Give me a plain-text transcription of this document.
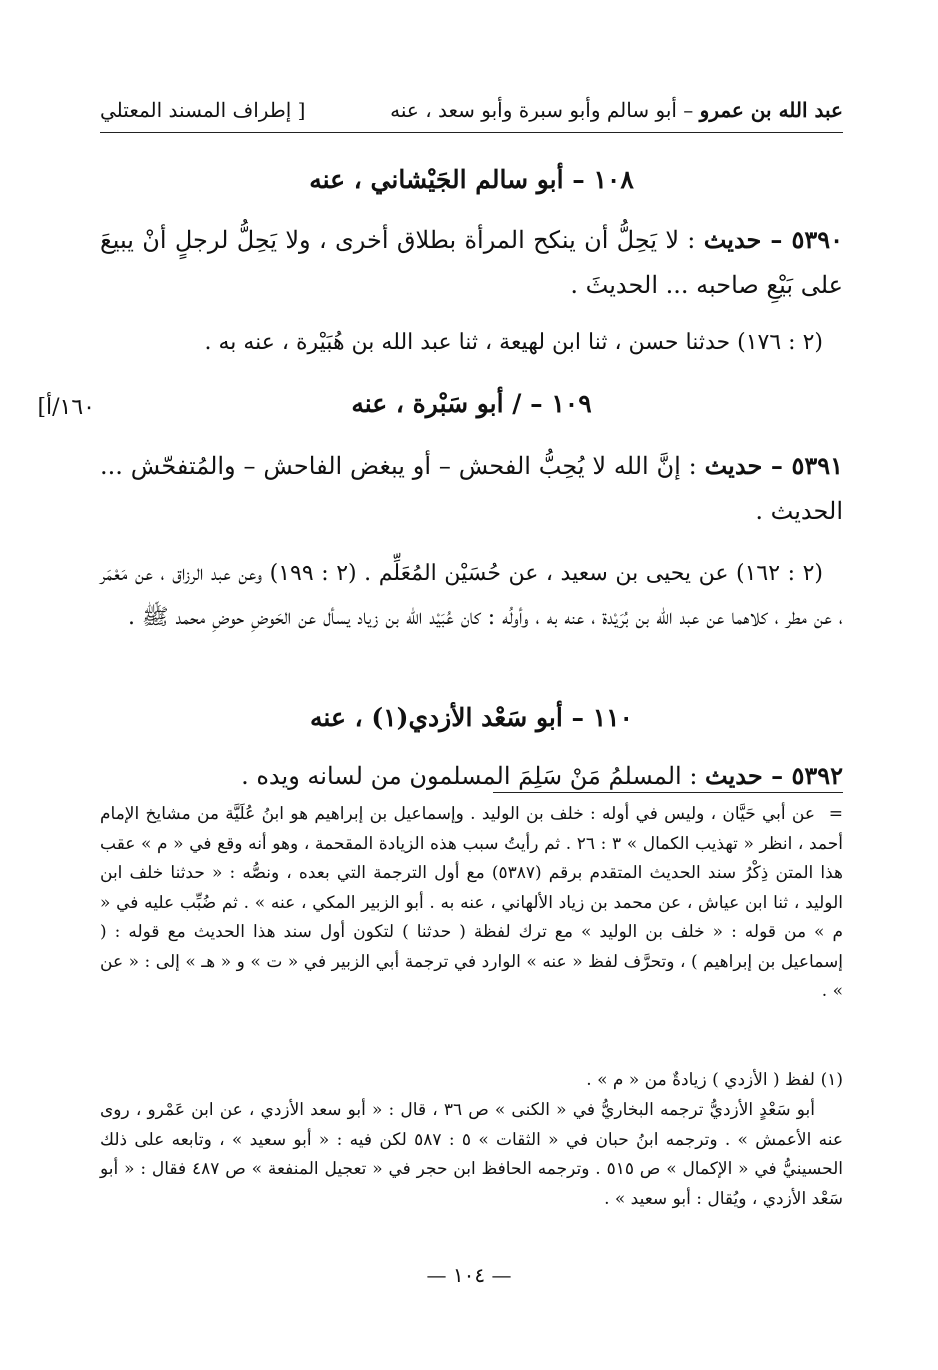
عبد الله بن عمرو – أبو سالم وأبو سبرة وأبو سعد ، عنه
[ إطراف المسند المعتلي
١٠٨ – أبو سالم الجَيْشاني ، عنه
٥٣٩٠ – حديث : لا يَحِلُّ أن ينكح المرأة بطلاق أخرى ، ولا يَحِلُّ لرجلٍ أنْ يبيعَ على بَيْعِ صاحبه ... الحديثَ .
(٢ : ١٧٦) حدثنا حسن ، ثنا ابن لهيعة ، ثنا عبد الله بن هُبَيْرة ، عنه به .
١٠٩ – / أبو سَبْرة ، عنه
١٦٠/أ]
٥٣٩١ – حديث : إنَّ الله لا يُحِبُّ الفحش – أو يبغض الفاحش – والمُتفحّش ... الحديث .
(٢ : ١٦٢) عن يحيى بن سعيد ، عن حُسَيْن المُعَلِّم . (٢ : ١٩٩) وعن عبد الرزاق ، عن مَعْمَر ، عن مطر ، كلاهما عن عبد الله بن بُرَيْدة ، عنه به ، وأولُه : كان عُبَيْد الله بن زياد يسأل عن الحَوضِ حوضِ محمد ﷺ .
١١٠ – أبو سَعْد الأزدي(١) ، عنه
٥٣٩٢ – حديث : المسلمُ مَنْ سَلِمَ المسلمون من لسانه ويده .
=عن أبي حَيَّان ، وليس في أوله : خلف بن الوليد . وإسماعيل بن إبراهيم هو ابنُ عُلَيَّة من مشايخ الإمام أحمد ، انظر « تهذيب الكمال » ٣ : ٢٦ . ثم رأيتُ سبب هذه الزيادة المقحمة ، وهو أنه وقع في « م » عقب هذا المتن ذِكْرُ سند الحديث المتقدم برقم (٥٣٨٧) مع أول الترجمة التي بعده ، ونصُّه : « حدثنا خلف ابن الوليد ، ثنا ابن عياش ، عن محمد بن زياد الألهاني ، عنه به . أبو الزبير المكي ، عنه » . ثم ضُبِّب عليه في « م » من قوله : « خلف بن الوليد » مع ترك لفظة ( حدثنا ) لتكون أول سند هذا الحديث مع قوله : ( إسماعيل بن إبراهيم ) ، وتحرَّف لفظ « عنه » الوارد في ترجمة أبي الزبير في « ت » و « هـ » إلى : « عن » .
(١)لفظ ( الأزدي ) زيادةٌ من « م » .
أبو سَعْدٍ الأزديُّ ترجمه البخاريُّ في « الكنى » ص ٣٦ ، قال : « أبو سعد الأزدي ، عن ابن عَمْرو ، روى عنه الأعمش » . وترجمه ابنُ حبان في « الثقات » ٥ : ٥٨٧ لكن فيه : « أبو سعيد » ، وتابعه على ذلك الحسينيُّ في « الإكمال » ص ٥١٥ . وترجمه الحافظ ابن حجر في « تعجيل المنفعة » ص ٤٨٧ فقال : « أبو سَعْد الأزدي ، ويُقال : أبو سعيد » .
— ١٠٤ —
